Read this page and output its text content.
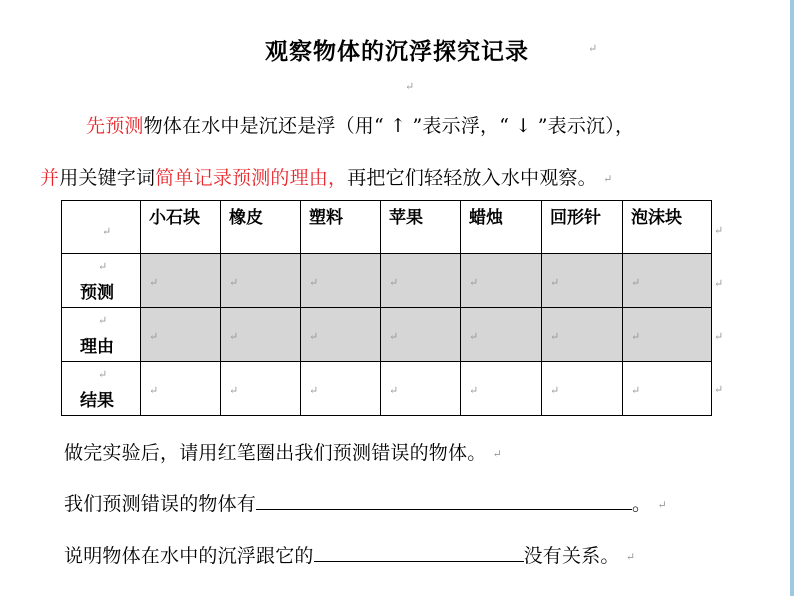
观察物体的沉浮探究记录	↵
↵
先预测物体在水中是沉还是浮（用“ ↑ ”表示浮，“ ↓ ”表示沉），
并用关键字词简单记录预测的理由，再把它们轻轻放入水中观察。 ↵
↵	小石块	橡皮	塑料	苹果	蜡烛	回形针	泡沫块

↵
预测	↵	↵	↵	↵	↵	↵	↵

↵
理由	↵	↵	↵	↵	↵	↵	↵

↵
结果	↵	↵	↵	↵	↵	↵	↵
↵
↵
↵
↵
做完实验后，请用红笔圈出我们预测错误的物体。 ↵
我们预测错误的物体有	。 ↵
说明物体在水中的沉浮跟它的	没有关系。 ↵
